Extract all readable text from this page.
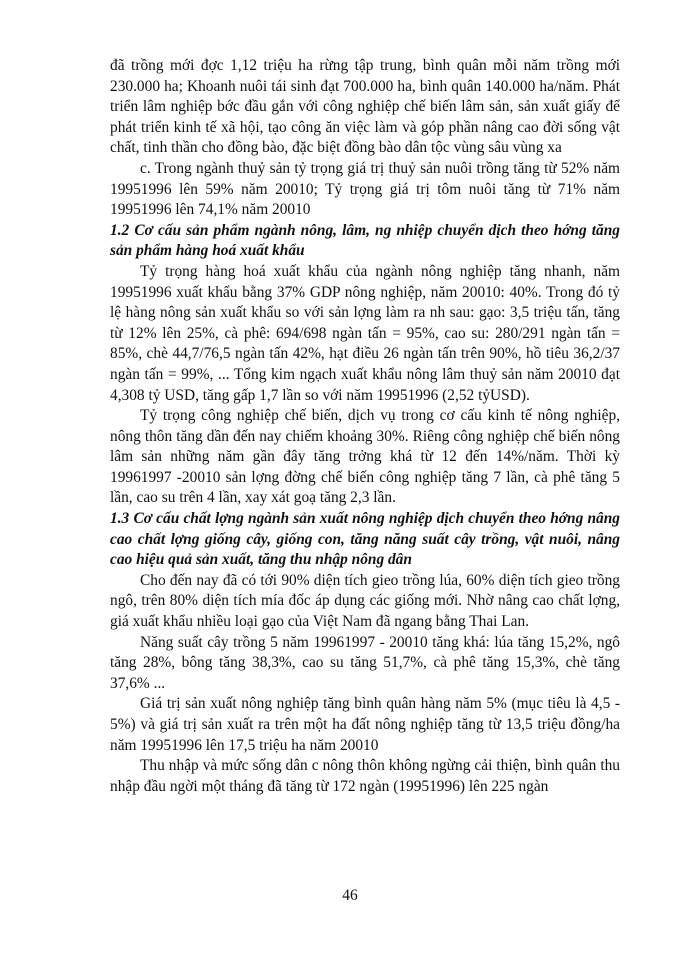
đã trồng mới đợc 1,12 triệu ha rừng tập trung, bình quân mỗi năm trồng mới 230.000 ha; Khoanh nuôi tái sinh đạt 700.000 ha, bình quân 140.000 ha/năm. Phát triển lâm nghiệp bớc đầu gắn với công nghiệp chế biến lâm sản, sản xuất giấy để phát triển kinh tế xã hội, tạo công ăn việc làm và góp phần nâng cao đời sống vật chất, tinh thần cho đồng bào, đặc biệt đồng bào dân tộc vùng sâu vùng xa

c. Trong ngành thuỷ sản tỷ trọng giá trị thuỷ sản nuôi trồng tăng từ 52% năm 19951996 lên 59% năm 20010; Tỷ trọng giá trị tôm nuôi tăng từ 71% năm 19951996 lên 74,1% năm 20010

1.2 Cơ cấu sản phẩm ngành nông, lâm, ng nhiệp chuyển dịch theo hớng tăng sản phẩm hàng hoá xuất khẩu

Tỷ trọng hàng hoá xuất khẩu của ngành nông nghiệp tăng nhanh, năm 19951996 xuất khẩu bằng 37% GDP nông nghiệp, năm 20010: 40%. Trong đó tỷ lệ hàng nông sản xuất khẩu so với sản lợng làm ra nh sau: gạo: 3,5 triệu tấn, tăng từ 12% lên 25%, cà phê: 694/698 ngàn tấn = 95%, cao su: 280/291 ngàn tấn = 85%, chè 44,7/76,5 ngàn tấn 42%, hạt điều 26 ngàn tấn trên 90%, hồ tiêu 36,2/37 ngàn tấn = 99%, ... Tổng kim ngạch xuất khẩu nông lâm thuỷ sản năm 20010 đạt 4,308 tỷ USD, tăng gấp 1,7 lần so với năm 19951996 (2,52 tỷUSD).

Tỷ trọng công nghiệp chế biến, dịch vụ trong cơ cấu kinh tế nông nghiệp, nông thôn tăng dần đến nay chiếm khoảng 30%. Riêng công nghiệp chế biến nông lâm sản những năm gần đây tăng trởng khá từ 12 đến 14%/năm. Thời kỳ 19961997 -20010 sản lợng đờng chế biến công nghiệp tăng 7 lần, cà phê tăng 5 lần, cao su trên 4 lần, xay xát goạ tăng 2,3 lần.

1.3 Cơ cấu chất lợng ngành sản xuất nông nghiệp dịch chuyển theo hớng nâng cao chất lợng giống cây, giống con, tăng năng suất cây trồng, vật nuôi, nâng cao hiệu quả sản xuất, tăng thu nhập nông dân

Cho đến nay đã có tới 90% diện tích gieo trồng lúa, 60% diện tích gieo trồng ngô, trên 80% diện tích mía đốc áp dụng các giống mới. Nhờ nâng cao chất lợng, giá xuất khẩu nhiều loại gạo của Việt Nam đã ngang bằng Thai Lan.

Năng suất cây trồng 5 năm 19961997 - 20010 tăng khá: lúa tăng 15,2%, ngô tăng 28%, bông tăng 38,3%, cao su tăng 51,7%, cà phê tăng 15,3%, chè tăng 37,6% ...

Giá trị sản xuất nông nghiệp tăng bình quân hàng năm 5% (mục tiêu là 4,5 - 5%) và giá trị sản xuất ra trên một ha đất nông nghiệp tăng từ 13,5 triệu đồng/ha năm 19951996 lên 17,5 triệu ha năm 20010

Thu nhập và mức sống dân c nông thôn không ngừng cải thiện, bình quân thu nhập đầu ngời một tháng đã tăng từ 172 ngàn (19951996) lên 225 ngàn

46
